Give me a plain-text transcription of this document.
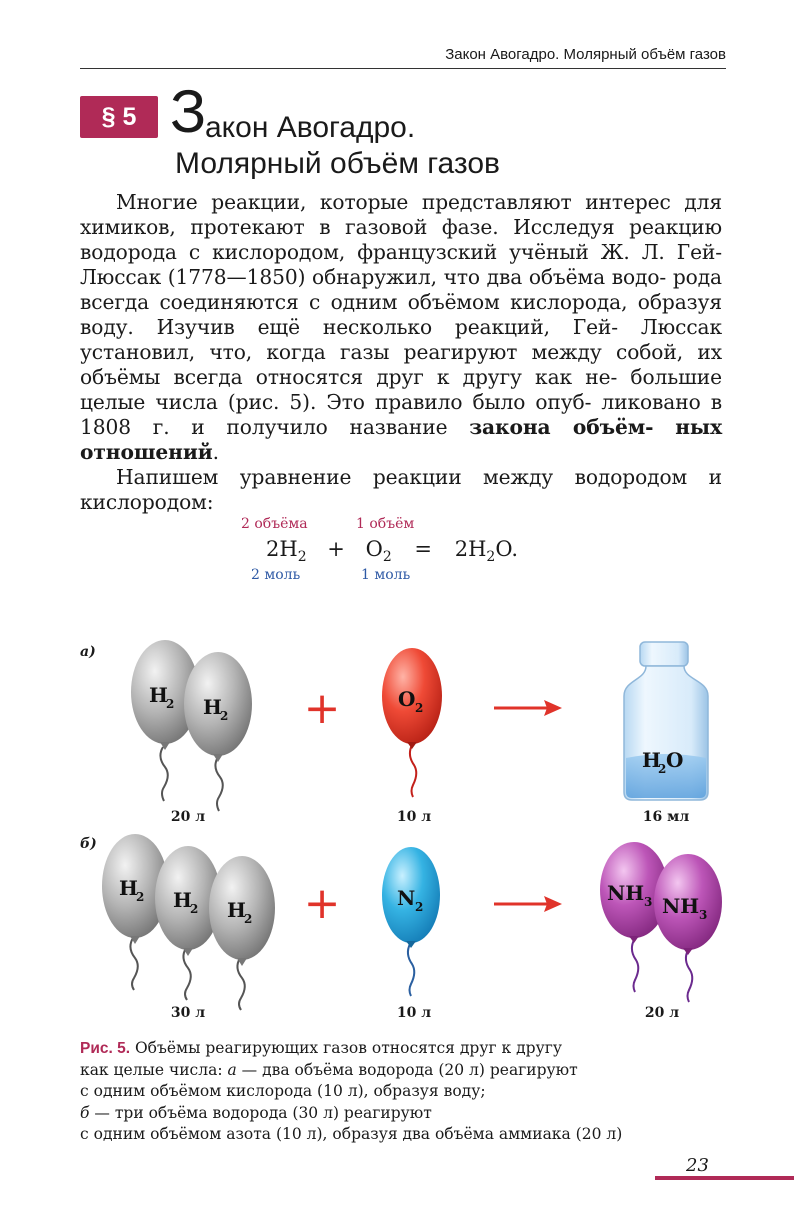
Закон Авогадро. Молярный объём газов
§ 5 З
акон Авогадро.
Молярный объём газов

Многие реакции, которые представляют интерес для химиков, протекают в газовой фазе. Исследуя реакцию водорода с кислородом, французский учёный Ж. Л. Гей- Люссак (1778—1850) обнаружил, что два объёма водо- рода всегда соединяются с одним объёмом кислорода, образуя воду. Изучив ещё несколько реакций, Гей- Люссак установил, что, когда газы реагируют между собой, их объёмы всегда относятся друг к другу как не- большие целые числа (рис. 5). Это правило было опуб- ликовано в 1808 г. и получило название закона объём- ных отношений.

Напишем уравнение реакции между водородом и кислородом:

2 объёма	1 объём
$2H_2 + O_2 = 2H_2O$.
2 моль	1 моль
а)
H
2 H
2 +	O 2
H
2 O
20 л	10 л	16 мл
б)
H
2 H
2 H
2 +	N 2
NH 3 NH 3
30 л	10 л	20 л
Рис. 5. Объёмы реагирующих газов относятся друг к другу
как целые числа: а — два объёма водорода (20 л) реагируют
с одним объёмом кислорода (10 л), образуя воду;
б — три объёма водорода (30 л) реагируют
с одним объёмом азота (10 л), образуя два объёма аммиака (20 л)
23
